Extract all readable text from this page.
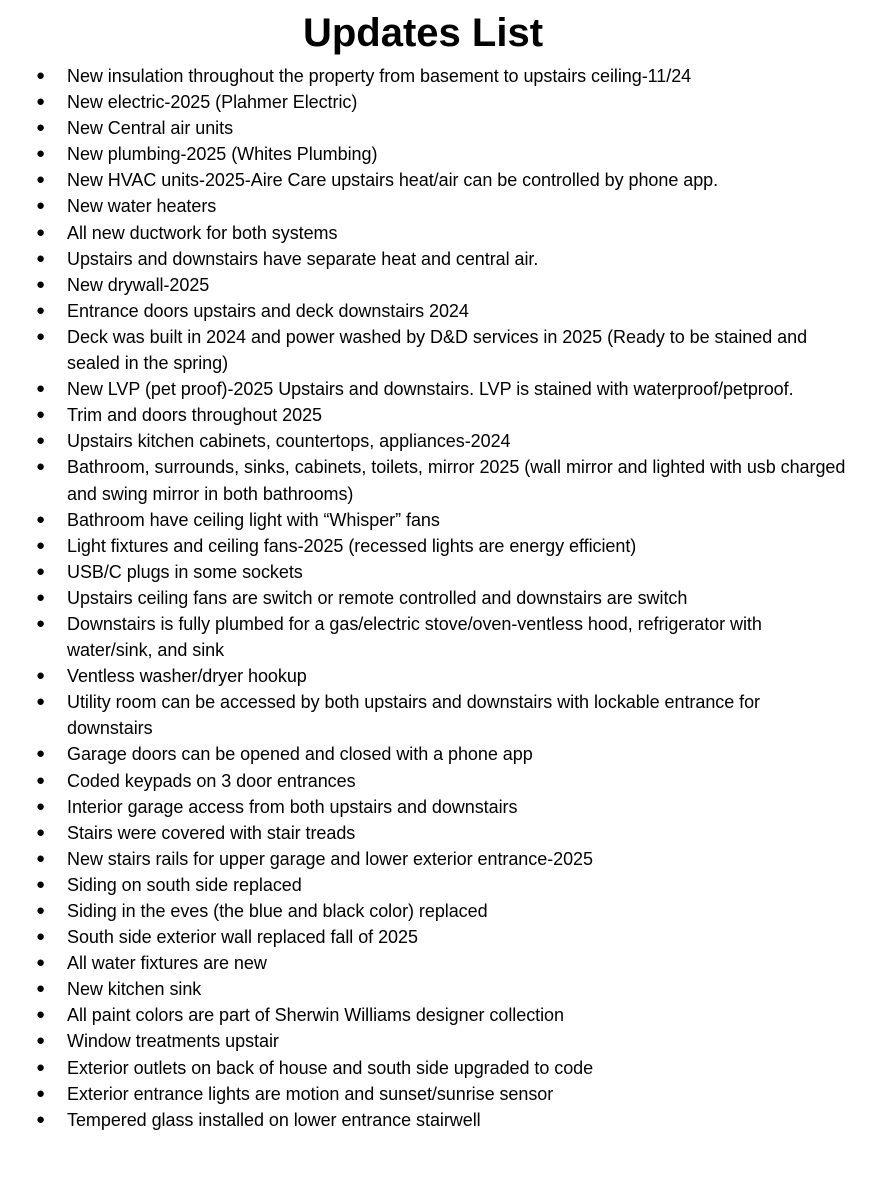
Updates List
● New insulation throughout the property from basement to upstairs ceiling-11/24
● New electric-2025 (Plahmer Electric)
● New Central air units
● New plumbing-2025 (Whites Plumbing)
● New HVAC units-2025-Aire Care upstairs heat/air can be controlled by phone app.
● New water heaters
● All new ductwork for both systems
● Upstairs and downstairs have separate heat and central air.
● New drywall-2025
● Entrance doors upstairs and deck downstairs 2024
● Deck was built in 2024 and power washed by D&D services in 2025 (Ready to be stained and sealed in the spring)
● New LVP (pet proof)-2025 Upstairs and downstairs. LVP is stained with waterproof/petproof.
● Trim and doors throughout 2025
● Upstairs kitchen cabinets, countertops, appliances-2024
● Bathroom, surrounds, sinks, cabinets, toilets, mirror 2025 (wall mirror and lighted with usb charged and swing mirror in both bathrooms)
● Bathroom have ceiling light with “Whisper” fans
● Light fixtures and ceiling fans-2025 (recessed lights are energy efficient)
● USB/C plugs in some sockets
● Upstairs ceiling fans are switch or remote controlled and downstairs are switch
● Downstairs is fully plumbed for a gas/electric stove/oven-ventless hood, refrigerator with water/sink, and sink
● Ventless washer/dryer hookup
● Utility room can be accessed by both upstairs and downstairs with lockable entrance for downstairs
● Garage doors can be opened and closed with a phone app
● Coded keypads on 3 door entrances
● Interior garage access from both upstairs and downstairs
● Stairs were covered with stair treads
● New stairs rails for upper garage and lower exterior entrance-2025
● Siding on south side replaced
● Siding in the eves (the blue and black color) replaced
● South side exterior wall replaced fall of 2025
● All water fixtures are new
● New kitchen sink
● All paint colors are part of Sherwin Williams designer collection
● Window treatments upstair
● Exterior outlets on back of house and south side upgraded to code
● Exterior entrance lights are motion and sunset/sunrise sensor
● Tempered glass installed on lower entrance stairwell
